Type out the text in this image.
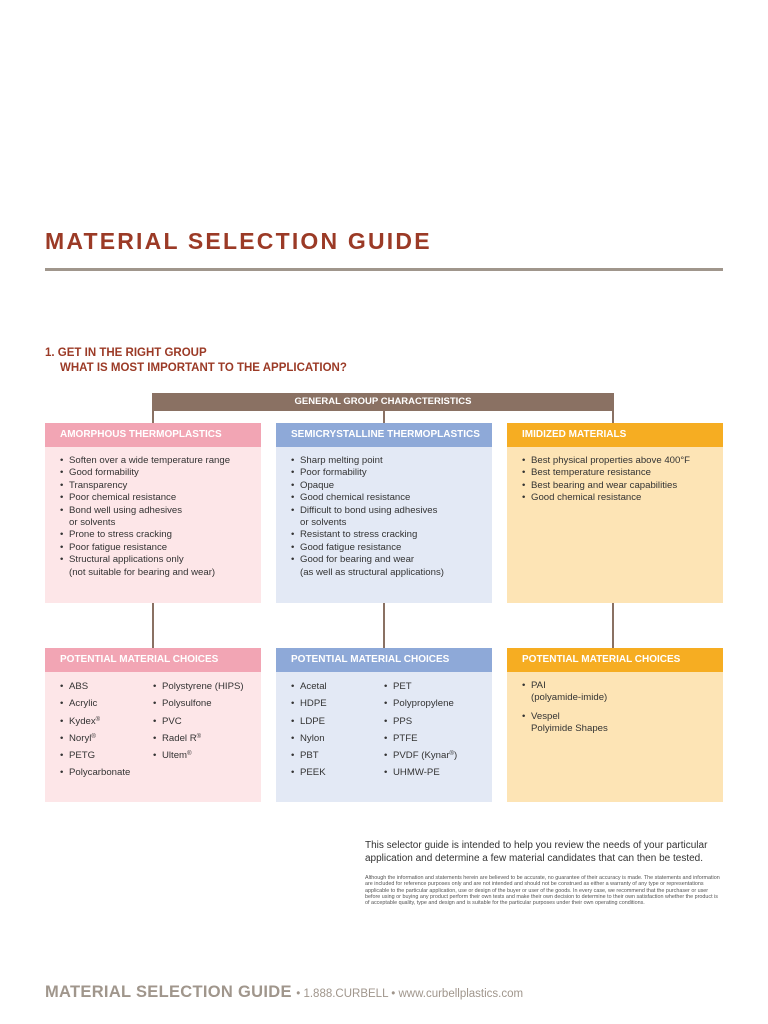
MATERIAL SELECTION GUIDE
1. GET IN THE RIGHT GROUP
WHAT IS MOST IMPORTANT TO THE APPLICATION?
GENERAL GROUP CHARACTERISTICS
AMORPHOUS THERMOPLASTICS
• Soften over a wide temperature range
• Good formability
• Transparency
• Poor chemical resistance
• Bond well using adhesives
or solvents
• Prone to stress cracking
• Poor fatigue resistance
• Structural applications only
(not suitable for bearing and wear)
POTENTIAL MATERIAL CHOICES
• ABS
• Acrylic
• Kydex®
• Noryl®
• PETG
• Polycarbonate
• Polystyrene (HIPS)
• Polysulfone
• PVC
• Radel R®
• Ultem®
SEMICRYSTALLINE THERMOPLASTICS
• Sharp melting point
• Poor formability
• Opaque
• Good chemical resistance
• Difficult to bond using adhesives
or solvents
• Resistant to stress cracking
• Good fatigue resistance
• Good for bearing and wear
(as well as structural applications)
POTENTIAL MATERIAL CHOICES
• Acetal
• HDPE
• LDPE
• Nylon
• PBT
• PEEK
• PET
• Polypropylene
• PPS
• PTFE
• PVDF (Kynar®)
• UHMW-PE
IMIDIZED MATERIALS
• Best physical properties above 400°F
• Best temperature resistance
• Best bearing and wear capabilities
• Good chemical resistance
POTENTIAL MATERIAL CHOICES
• PAI
(polyamide-imide)
• Vespel
Polyimide Shapes
This selector guide is intended to help you review the needs of your particular application and determine a few material candidates that can then be tested.
Although the information and statements herein are believed to be accurate, no guarantee of their accuracy is made. The statements and information are included for reference purposes only and are not intended and should not be construed as either a warranty of any type or representations applicable to the particular application, use or design of the buyer or user of the goods. In every case, we recommend that the purchaser or user before using or buying any product perform their own tests and make their own decision to determine to their own satisfaction whether the product is of acceptable quality, type and design and is suitable for the particular purposes under their own operating conditions.
MATERIAL SELECTION GUIDE • 1.888.CURBELL • www.curbellplastics.com
